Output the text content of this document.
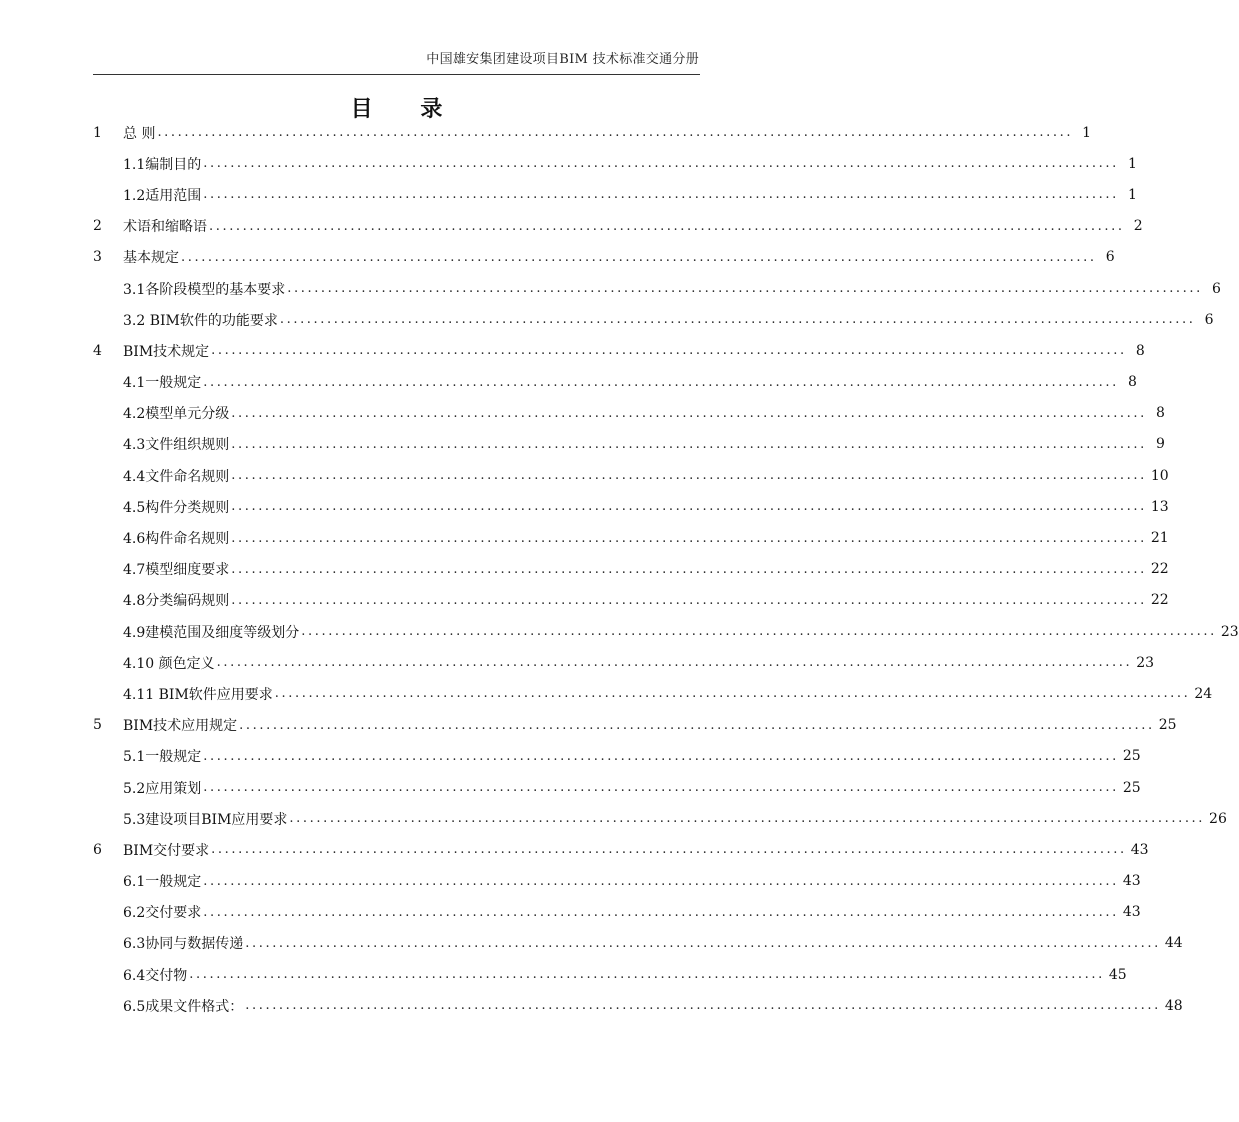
中国雄安集团建设项目BIM 技术标准交通分册
目 录
1	总 则 ........................................................................................................................................ 1
1.1编制目的 ........................................................................................................................................ 1
1.2适用范围 ........................................................................................................................................ 1
2	术语和缩略语 ........................................................................................................................................ 2
3	基本规定 ........................................................................................................................................ 6
3.1各阶段模型的基本要求 ........................................................................................................................................ 6
3.2 BIM软件的功能要求 ........................................................................................................................................ 6
4	BIM技术规定 ........................................................................................................................................ 8
4.1一般规定 ........................................................................................................................................ 8
4.2模型单元分级 ........................................................................................................................................ 8
4.3文件组织规则 ........................................................................................................................................ 9
4.4文件命名规则 ........................................................................................................................................ 10
4.5构件分类规则 ........................................................................................................................................ 13
4.6构件命名规则 ........................................................................................................................................ 21
4.7模型细度要求 ........................................................................................................................................ 22
4.8分类编码规则 ........................................................................................................................................ 22
4.9建模范围及细度等级划分 ........................................................................................................................................ 23
4.10 颜色定义 ........................................................................................................................................ 23
4.11 BIM软件应用要求 ........................................................................................................................................ 24
5	BIM技术应用规定 ........................................................................................................................................ 25
5.1一般规定 ........................................................................................................................................ 25
5.2应用策划 ........................................................................................................................................ 25
5.3建设项目BIM应用要求 ........................................................................................................................................ 26
6	BIM交付要求 ........................................................................................................................................ 43
6.1一般规定 ........................................................................................................................................ 43
6.2交付要求 ........................................................................................................................................ 43
6.3协同与数据传递 ........................................................................................................................................ 44
6.4交付物 ........................................................................................................................................ 45
6.5成果文件格式： ........................................................................................................................................ 48
